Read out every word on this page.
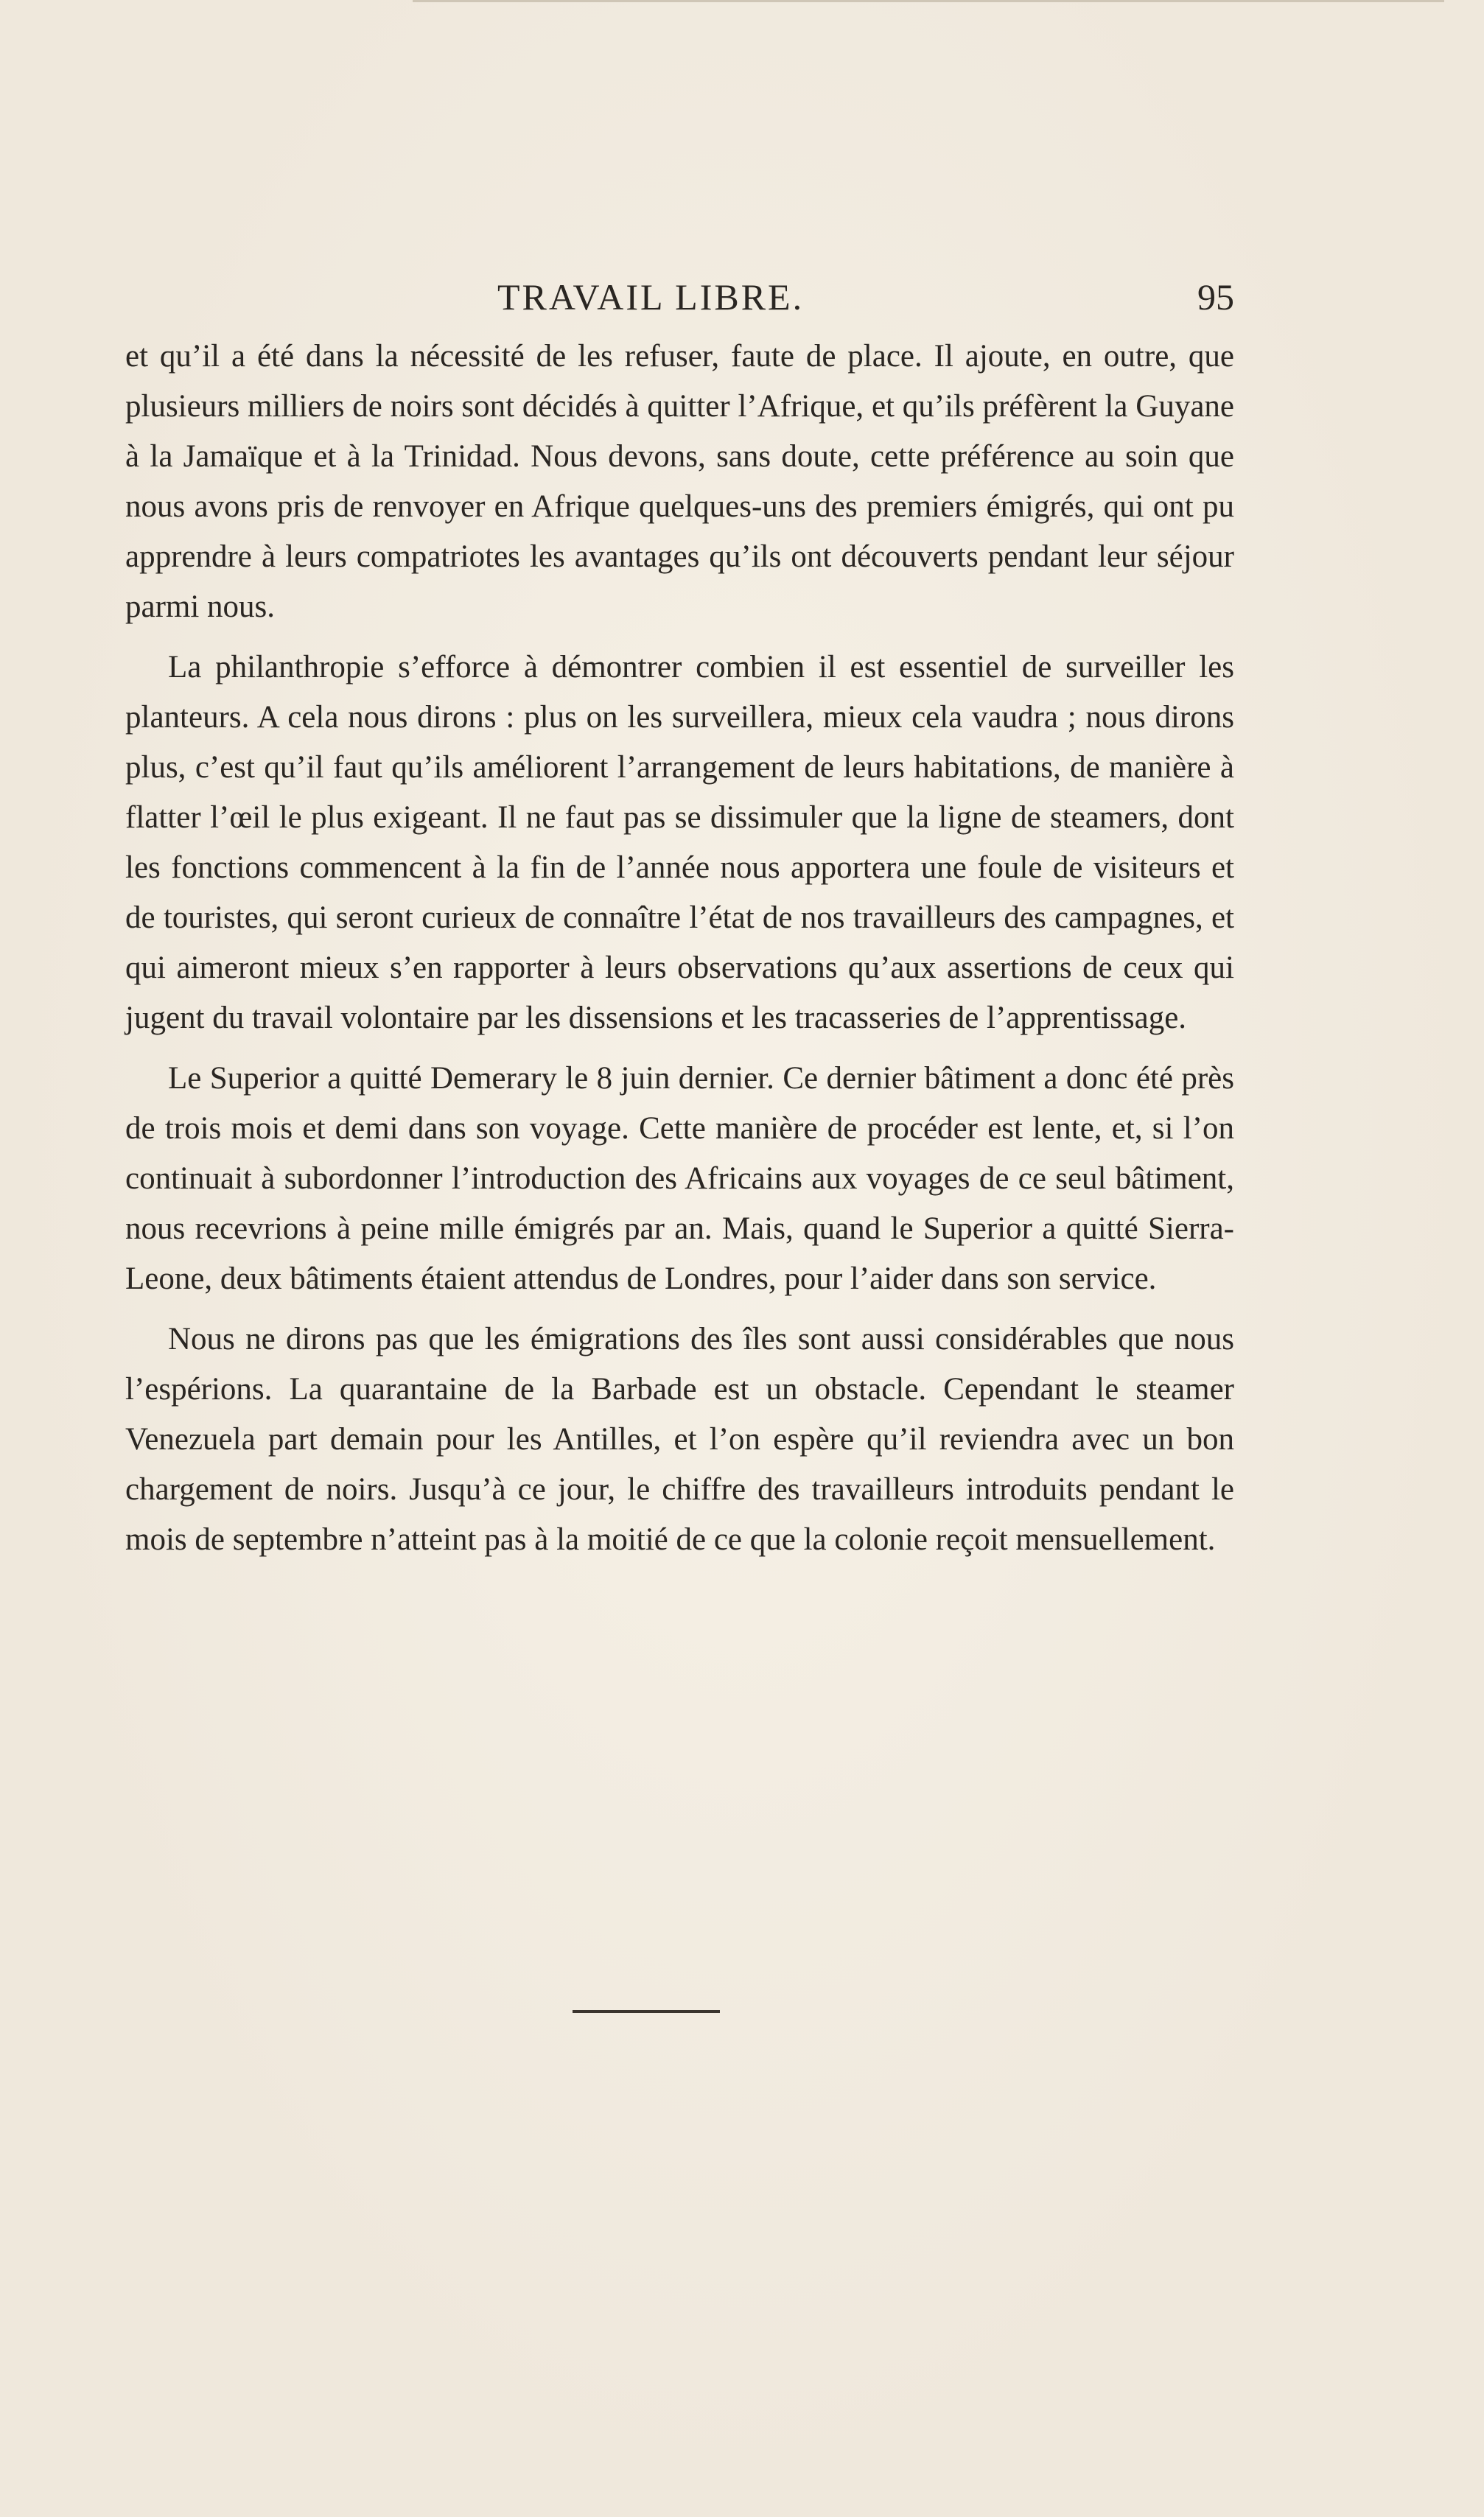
TRAVAIL LIBRE.	95

et qu’il a été dans la nécessité de les refuser, faute de place. Il ajoute, en outre, que plusieurs milliers de noirs sont décidés à quitter l’Afrique, et qu’ils préfèrent la Guyane à la Jamaïque et à la Trinidad. Nous devons, sans doute, cette préférence au soin que nous avons pris de renvoyer en Afrique quelques-uns des premiers émigrés, qui ont pu apprendre à leurs compatriotes les avantages qu’ils ont découverts pendant leur séjour parmi nous.

La philanthropie s’efforce à démontrer combien il est essentiel de surveiller les planteurs. A cela nous dirons : plus on les surveillera, mieux cela vaudra ; nous dirons plus, c’est qu’il faut qu’ils améliorent l’arrangement de leurs habitations, de manière à flatter l’œil le plus exigeant. Il ne faut pas se dissimuler que la ligne de steamers, dont les fonctions commencent à la fin de l’année nous apportera une foule de visiteurs et de touristes, qui seront curieux de connaître l’état de nos travailleurs des campagnes, et qui aimeront mieux s’en rapporter à leurs observations qu’aux assertions de ceux qui jugent du travail volontaire par les dissensions et les tracasseries de l’apprentissage.

Le Superior a quitté Demerary le 8 juin dernier. Ce dernier bâtiment a donc été près de trois mois et demi dans son voyage. Cette manière de procéder est lente, et, si l’on continuait à subordonner l’introduction des Africains aux voyages de ce seul bâtiment, nous recevrions à peine mille émigrés par an. Mais, quand le Superior a quitté Sierra-Leone, deux bâtiments étaient attendus de Londres, pour l’aider dans son service.

Nous ne dirons pas que les émigrations des îles sont aussi considérables que nous l’espérions. La quarantaine de la Barbade est un obstacle. Cependant le steamer Venezuela part demain pour les Antilles, et l’on espère qu’il reviendra avec un bon chargement de noirs. Jusqu’à ce jour, le chiffre des travailleurs introduits pendant le mois de septembre n’atteint pas à la moitié de ce que la colonie reçoit mensuellement.
